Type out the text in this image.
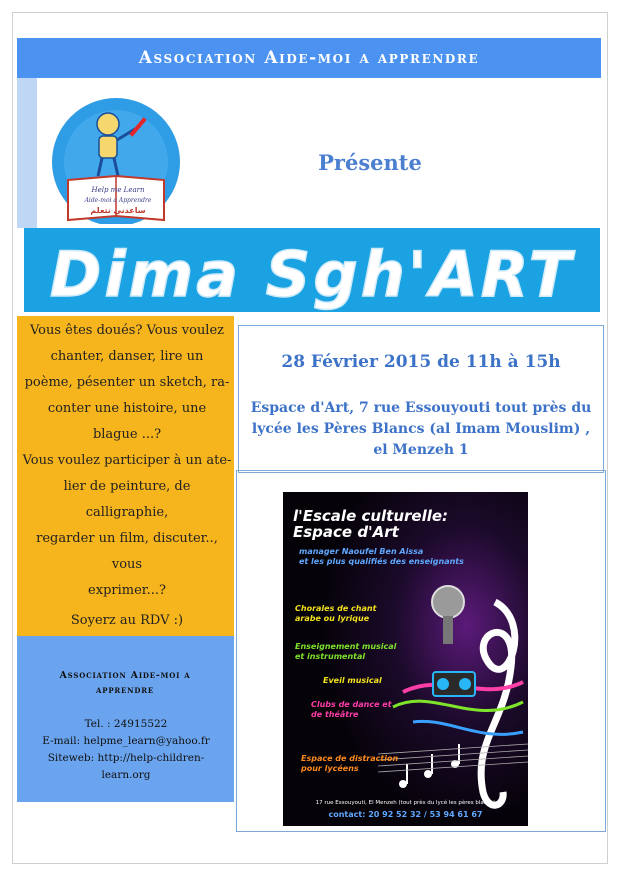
Association Aide-moi a apprendre
Help me Learn
Aide-moi a Apprendre
ساعدني نتعلم
Présente
Dima Sgh'ART

Vous êtes doués? Vous voulez

chanter, danser, lire un

poème, pésenter un sketch, ra-

conter une histoire, une

blague ...?

Vous voulez participer à un ate-

lier de peinture, de calligraphie,

regarder un film, discuter.., vous

exprimer...?

Soyerz au RDV :)

Association Aide-moi a apprendre
Tel. : 24915522
E-mail: helpme_learn@yahoo.fr
Siteweb: http://help-children-learn.org
28 Février 2015 de 11h à 15h
Espace d'Art, 7 rue Essouyouti tout près du
lycée les Pères Blancs (al Imam Mouslim) ,
el Menzeh 1
l'Escale culturelle:
Espace d'Art
manager Naoufel Ben Aissa
et les plus qualifiés des enseignants
Chorales de chant
arabe ou lyrique
Enseignement musical
et instrumental
Eveil musical
Clubs de dance et
de théâtre
Espace de distraction
pour lycéens
17 rue Essouyouti, El Menzeh (tout près du lycé les pères blancs)
contact: 20 92 52 32 / 53 94 61 67
